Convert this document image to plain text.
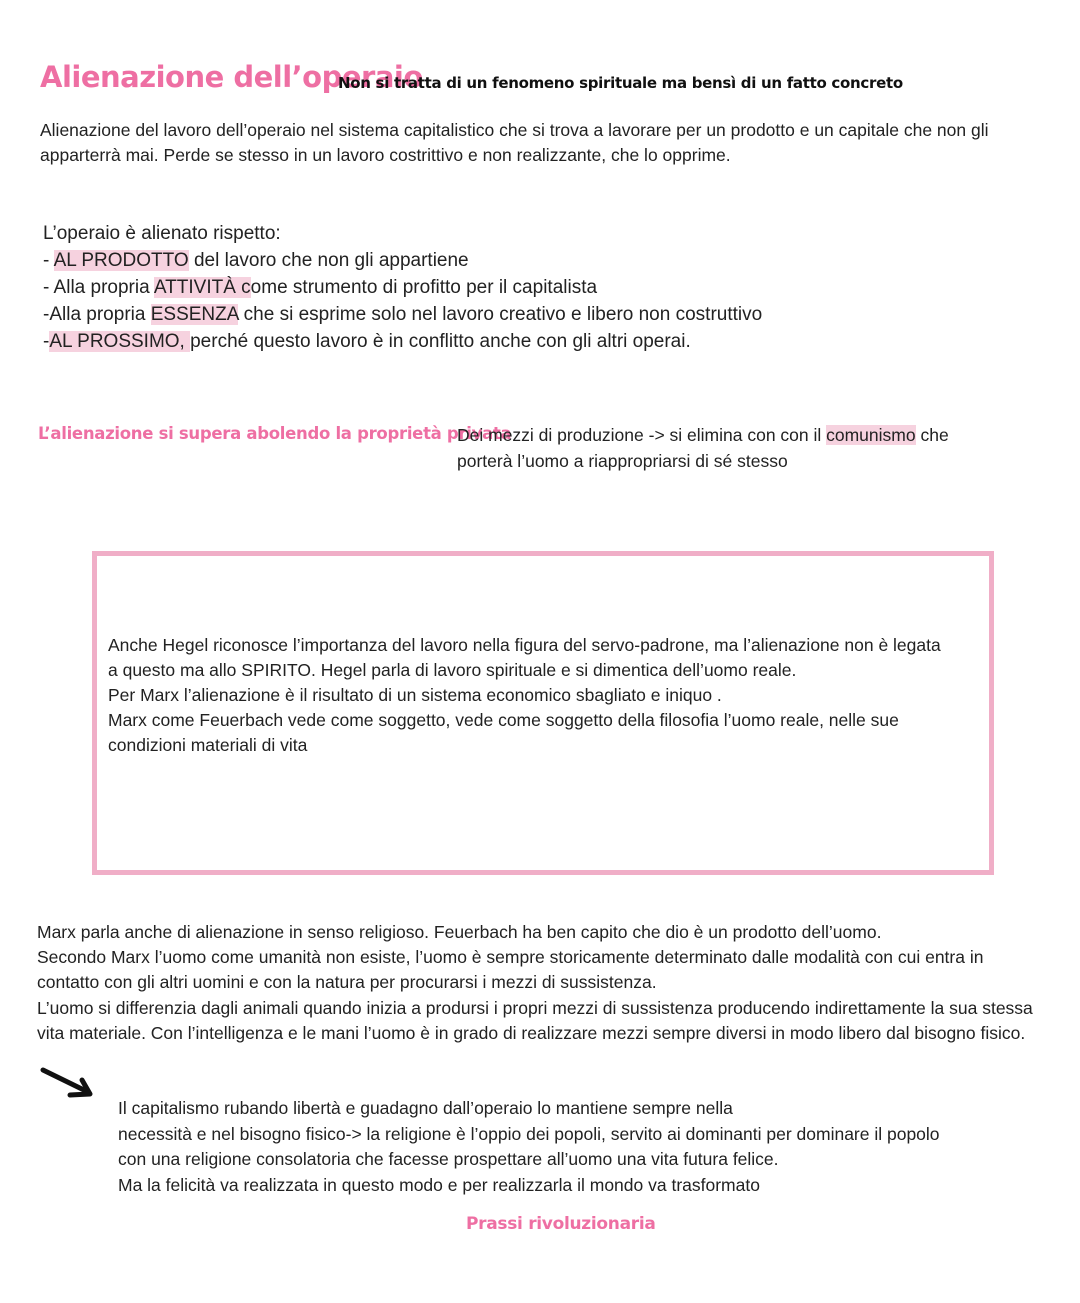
Alienazione dell’operaio
Non si tratta di un fenomeno spirituale ma bensì di un fatto concreto
Alienazione del lavoro dell’operaio nel sistema capitalistico che si trova a lavorare per un prodotto e un capitale che non gli
apparterrà mai. Perde se stesso in un lavoro costrittivo e non realizzante, che lo opprime.
L’operaio è alienato rispetto:
- AL PRODOTTO del lavoro che non gli appartiene
- Alla propria ATTIVITÀ come strumento di profitto per il capitalista
-Alla propria ESSENZA che si esprime solo nel lavoro creativo e libero non costruttivo
-AL PROSSIMO, perché questo lavoro è in conflitto anche con gli altri operai.
L’alienazione si supera abolendo la proprietà privata
Dei mezzi di produzione -> si elimina con con il comunismo che
porterà l’uomo a riappropriarsi di sé stesso
Anche Hegel riconosce l’importanza del lavoro nella figura del servo-padrone, ma l’alienazione non è legata
a questo ma allo SPIRITO. Hegel parla di lavoro spirituale e si dimentica dell’uomo reale.
Per Marx l’alienazione è il risultato di un sistema economico sbagliato e iniquo .
Marx come Feuerbach vede come soggetto, vede come soggetto della filosofia l’uomo reale, nelle sue
condizioni materiali di vita
Marx parla anche di alienazione in senso religioso. Feuerbach ha ben capito che dio è un prodotto dell’uomo.
Secondo Marx l’uomo come umanità non esiste, l’uomo è sempre storicamente determinato dalle modalità con cui entra in
contatto con gli altri uomini e con la natura per procurarsi i mezzi di sussistenza.
L’uomo si differenzia dagli animali quando inizia a produrs​i i propri mezzi di sussistenza producendo indirettamente la sua stessa
vita materiale. Con l’intelligenza e le mani l’uomo è in grado di realizzare mezzi sempre diversi in modo libero dal bisogno fisico.
Il capitalismo rubando libertà e guadagno dall’operaio lo mantiene sempre nella
necessità e nel bisogno fisico-> la religione è l’oppio dei popoli, servito ai dominanti per dominare il popolo
con una religione consolatoria che facesse prospettare all’uomo una vita futura felice.
Ma la felicità va realizzata in questo modo e per realizzarla il mondo va trasformato
Prassi rivoluzionaria
